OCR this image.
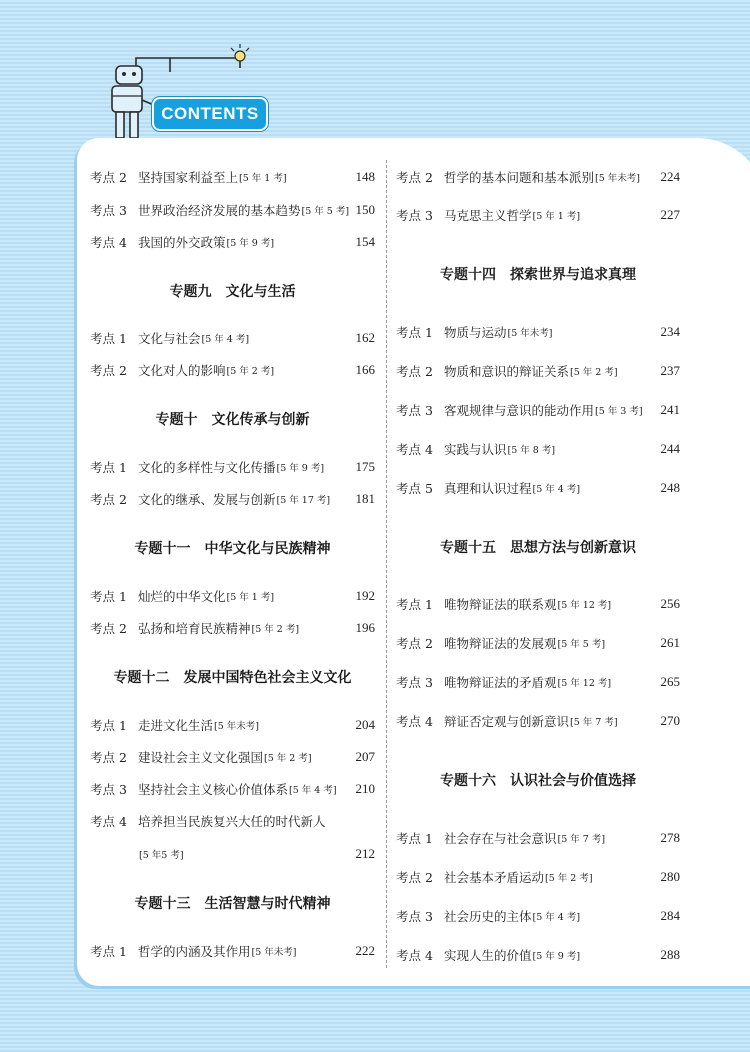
CONTENTS
考点 2 坚持国家利益至上 [5 年 1 考]	148
考点 3 世界政治经济发展的基本趋势 [5 年 5 考] 150
考点 4 我国的外交政策 [5 年 9 考]	154
专题九 文化与生活
考点 1 文化与社会 [5 年 4 考]	162
考点 2 文化对人的影响 [5 年 2 考]	166
专题十 文化传承与创新
考点 1 文化的多样性与文化传播 [5 年 9 考] 175
考点 2 文化的继承、发展与创新 [5 年 17 考] 181
专题十一 中华文化与民族精神
考点 1 灿烂的中华文化 [5 年 1 考]	192
考点 2 弘扬和培育民族精神 [5 年 2 考]	196
专题十二 发展中国特色社会主义文化
考点 1 走进文化生活 [5 年未考]	204
考点 2 建设社会主义文化强国 [5 年 2 考]	207
考点 3 坚持社会主义核心价值体系 [5 年 4 考] 210
考点 4 培养担当民族复兴大任的时代新人
[5 年5 考]	212
专题十三 生活智慧与时代精神
考点 1 哲学的内涵及其作用 [5 年未考]	222
考点 2 哲学的基本问题和基本派别 [5 年未考] 224
考点 3 马克思主义哲学 [5 年 1 考]	227
专题十四 探索世界与追求真理
考点 1 物质与运动 [5 年未考]	234
考点 2 物质和意识的辩证关系 [5 年 2 考]	237
考点 3 客观规律与意识的能动作用 [5 年 3 考] 241
考点 4 实践与认识 [5 年 8 考]	244
考点 5 真理和认识过程 [5 年 4 考]	248
专题十五 思想方法与创新意识
考点 1 唯物辩证法的联系观 [5 年 12 考]	256
考点 2 唯物辩证法的发展观 [5 年 5 考]	261
考点 3 唯物辩证法的矛盾观 [5 年 12 考]	265
考点 4 辩证否定观与创新意识 [5 年 7 考]	270
专题十六 认识社会与价值选择
考点 1 社会存在与社会意识 [5 年 7 考]	278
考点 2 社会基本矛盾运动 [5 年 2 考]	280
考点 3 社会历史的主体 [5 年 4 考]	284
考点 4 实现人生的价值 [5 年 9 考]	288
